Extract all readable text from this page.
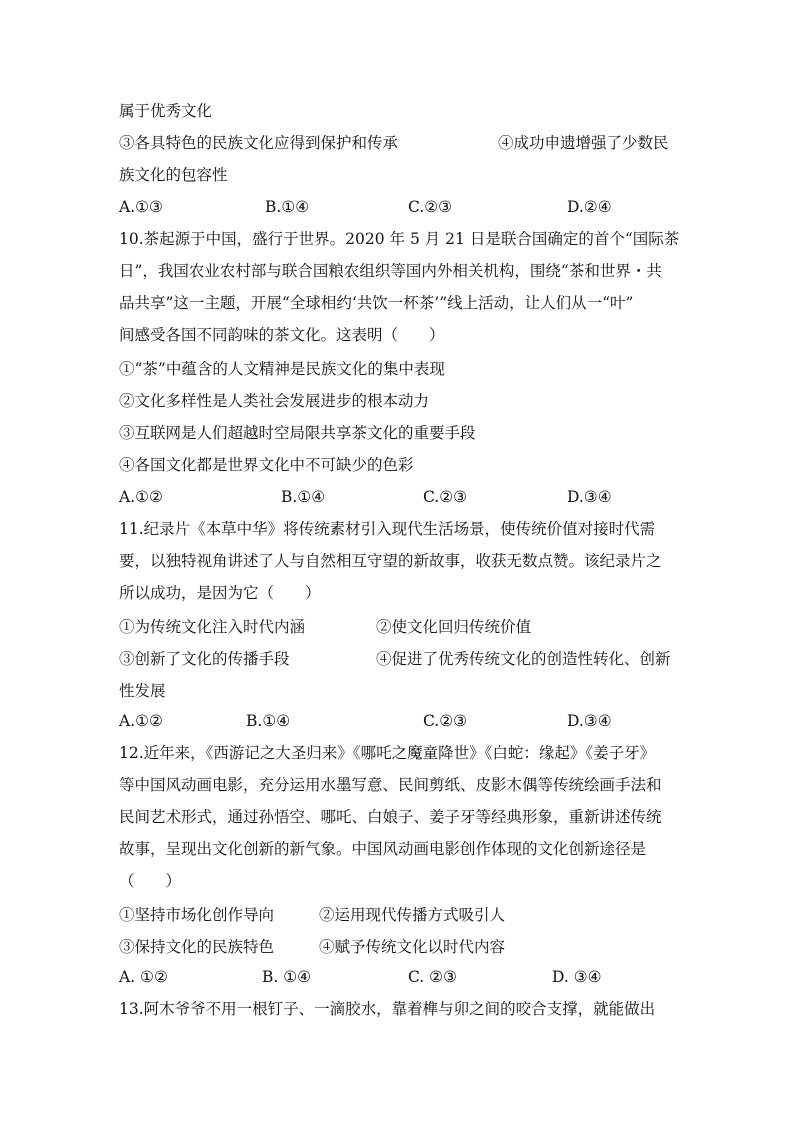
属于优秀文化
③各具特色的民族文化应得到保护和传承	④成功申遗增强了少数民
族文化的包容性
A.①③	B.①④	C.②③	D.②④
10.茶起源于中国，盛行于世界。2020 年 5 月 21 日是联合国确定的首个“国际茶
日”，我国农业农村部与联合国粮农组织等国内外相关机构，围绕“茶和世界・共
品共享”这一主题，开展“全球相约‘共饮一杯茶’”线上活动，让人们从一“叶”
间感受各国不同韵味的茶文化。这表明（　　）
①“茶”中蕴含的人文精神是民族文化的集中表现
②文化多样性是人类社会发展进步的根本动力
③互联网是人们超越时空局限共享茶文化的重要手段
④各国文化都是世界文化中不可缺少的色彩
A.①②	B.①④	C.②③	D.③④
11.纪录片《本草中华》将传统素材引入现代生活场景，使传统价值对接时代需
要，以独特视角讲述了人与自然相互守望的新故事，收获无数点赞。该纪录片之
所以成功，是因为它（　　）
①为传统文化注入时代内涵	②使文化回归传统价值
③创新了文化的传播手段	④促进了优秀传统文化的创造性转化、创新
性发展
A.①②	B.①④	C.②③	D.③④
12.近年来，《西游记之大圣归来》《哪吒之魔童降世》《白蛇：缘起》《姜子牙》
等中国风动画电影，充分运用水墨写意、民间剪纸、皮影木偶等传统绘画手法和
民间艺术形式，通过孙悟空、哪吒、白娘子、姜子牙等经典形象，重新讲述传统
故事，呈现出文化创新的新气象。中国风动画电影创作体现的文化创新途径是
（　　）
①坚持市场化创作导向	②运用现代传播方式吸引人
③保持文化的民族特色	④赋予传统文化以时代内容
A. ①②	B. ①④	C. ②③	D. ③④
13.阿木爷爷不用一根钉子、一滴胶水，靠着榫与卯之间的咬合支撑，就能做出
